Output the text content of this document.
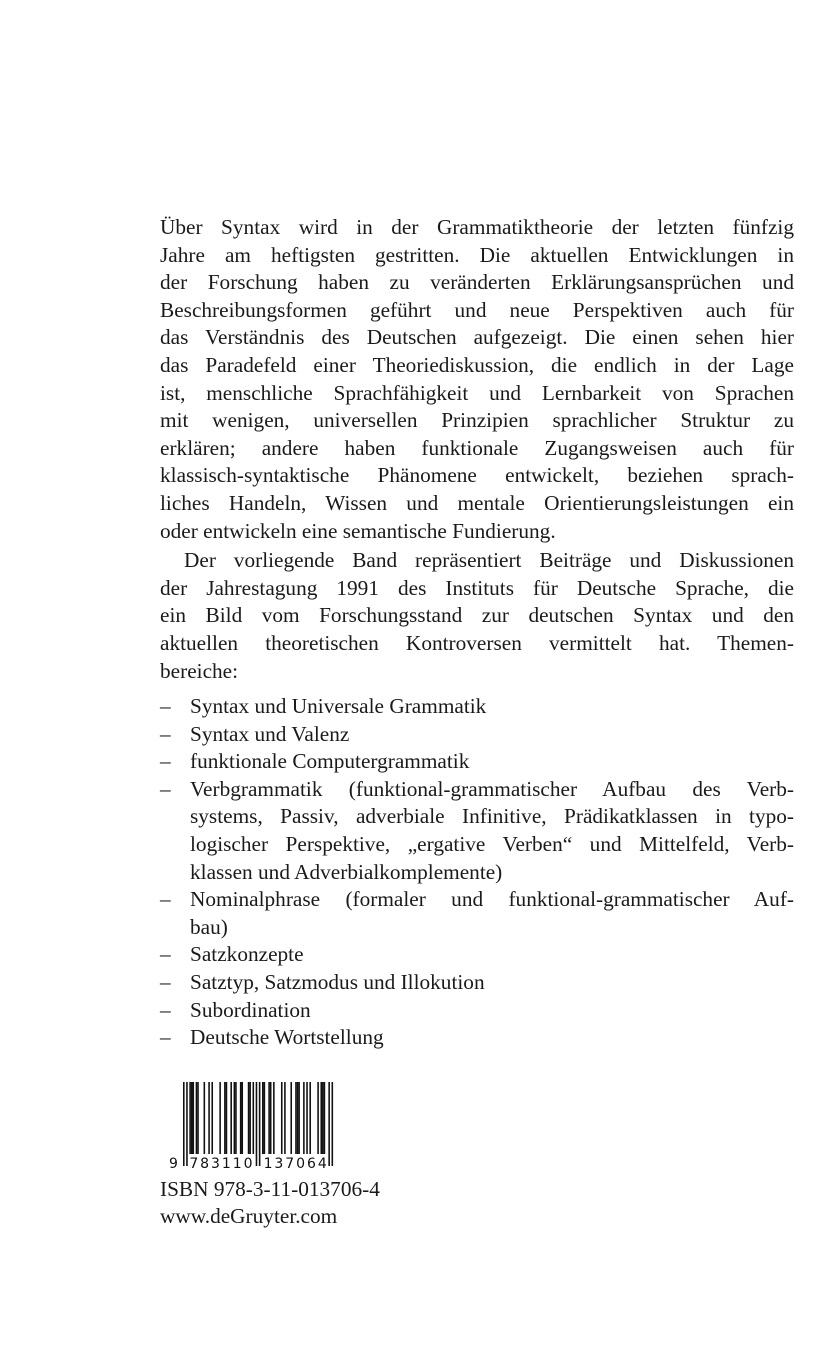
Über Syntax wird in der Grammatiktheorie der letzten fünfzig
Jahre am heftigsten gestritten. Die aktuellen Entwicklungen in
der Forschung haben zu veränderten Erklärungsansprüchen und
Beschreibungsformen geführt und neue Perspektiven auch für
das Verständnis des Deutschen aufgezeigt. Die einen sehen hier
das Paradefeld einer Theoriediskussion, die endlich in der Lage
ist, menschliche Sprachfähigkeit und Lernbarkeit von Sprachen
mit wenigen, universellen Prinzipien sprachlicher Struktur zu
erklären; andere haben funktionale Zugangsweisen auch für
klassisch-syntaktische Phänomene entwickelt, beziehen sprach-
liches Handeln, Wissen und mentale Orientierungsleistungen ein
oder entwickeln eine semantische Fundierung.
Der vorliegende Band repräsentiert Beiträge und Diskussionen
der Jahrestagung 1991 des Instituts für Deutsche Sprache, die
ein Bild vom Forschungsstand zur deutschen Syntax und den
aktuellen theoretischen Kontroversen vermittelt hat. Themen-
bereiche:
– Syntax und Universale Grammatik
– Syntax und Valenz
– funktionale Computergrammatik
– Verbgrammatik (funktional-grammatischer Aufbau des Verb-
systems, Passiv, adverbiale Infinitive, Prädikatklassen in typo-
logischer Perspektive, „ergative Verben“ und Mittelfeld, Verb-
klassen und Adverbialkomplemente)
– Nominalphrase (formaler und funktional-grammatischer Auf-
bau)
– Satzkonzepte
– Satztyp, Satzmodus und Illokution
– Subordination
– Deutsche Wortstellung
9 783110 137064
ISBN 978-3-11-013706-4
www.deGruyter.com
